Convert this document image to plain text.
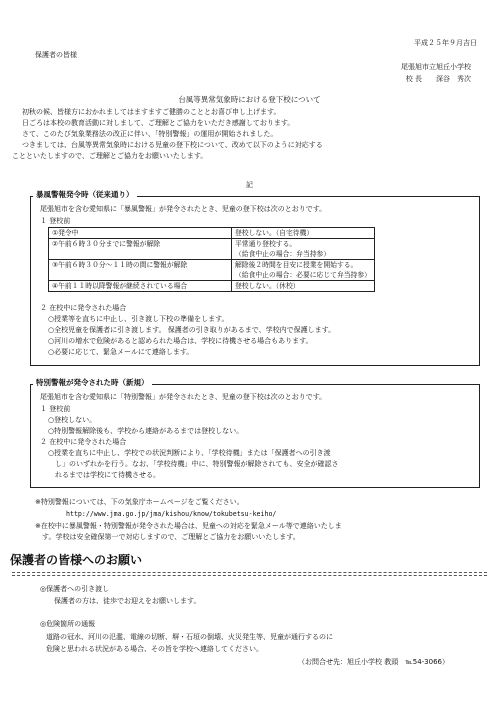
平成２５年９月吉日
保護者の皆様
尾張旭市立旭丘小学校
校 長　　深谷　秀次
台風等異常気象時における登下校について
初秋の候、皆様方におかれましてはますますご健勝のこととお喜び申し上げます。
日ごろは本校の教育活動に対しまして、ご理解とご協力をいただき感謝しております。
さて、このたび気象業務法の改正に伴い、「特別警報」の運用が開始されました。
つきましては、台風等異常気象時における児童の登下校について、改めて以下のように対応する
ことといたしますので、ご理解とご協力をお願いいたします。
記
暴風警報発令時（従来通り）
尾張旭市を含む愛知県に「暴風警報」が発令されたとき、児童の登下校は次のとおりです。
１ 登校前
①発令中	登校しない。（自宅待機）
②午前６時３０分までに警報が解除	平常通り登校する。
	（給食中止の場合：弁当持参）
③午前６時３０分～１１時の間に警報が解除	解除後２時間を目安に授業を開始する。
	（給食中止の場合：必要に応じて弁当持参）
④午前１１時以降警報が継続されている場合	登校しない。（休校）
２ 在校中に発令された場合
○授業等を直ちに中止し、引き渡し下校の準備をします。
○全校児童を保護者に引き渡します。 保護者の引き取りがあるまで、学校内で保護します。
○河川の増水で危険があると認められた場合は、学校に待機させる場合もあります。
○必要に応じて、緊急メールにて連絡します。
特別警報が発令された時（新規）
尾張旭市を含む愛知県に「特別警報」が発令されたとき、児童の登下校は次のとおりです。
１ 登校前
○登校しない。
○特別警報解除後も、学校から連絡があるまでは登校しない。
２ 在校中に発令された場合
○授業を直ちに中止し、学校での状況判断により、「学校待機」または「保護者への引き渡
し」のいずれかを行う。なお、「学校待機」中に、特別警報が解除されても、安全が確認さ
れるまでは学校にて待機させる。
※特別警報については、下の気象庁ホームページをご覧ください。
http://www.jma.go.jp/jma/kishou/know/tokubetsu-keiho/
※在校中に暴風警報・特別警報が発令された場合は、児童への対応を緊急メール等で連絡いたしま
す。学校は安全確保第一で対応しますので、ご理解とご協力をお願いいたします。
保護者の皆様へのお願い
◎保護者への引き渡し
保護者の方は、徒歩でお迎えをお願いします。
◎危険箇所の通報
道路の冠水、河川の氾濫、電線の切断、塀・石垣の倒壊、火災発生等、児童が通行するのに
危険と思われる状況がある場合、その旨を学校へ連絡してください。
（お問合せ先：旭丘小学校 教頭　℡54-3066）
